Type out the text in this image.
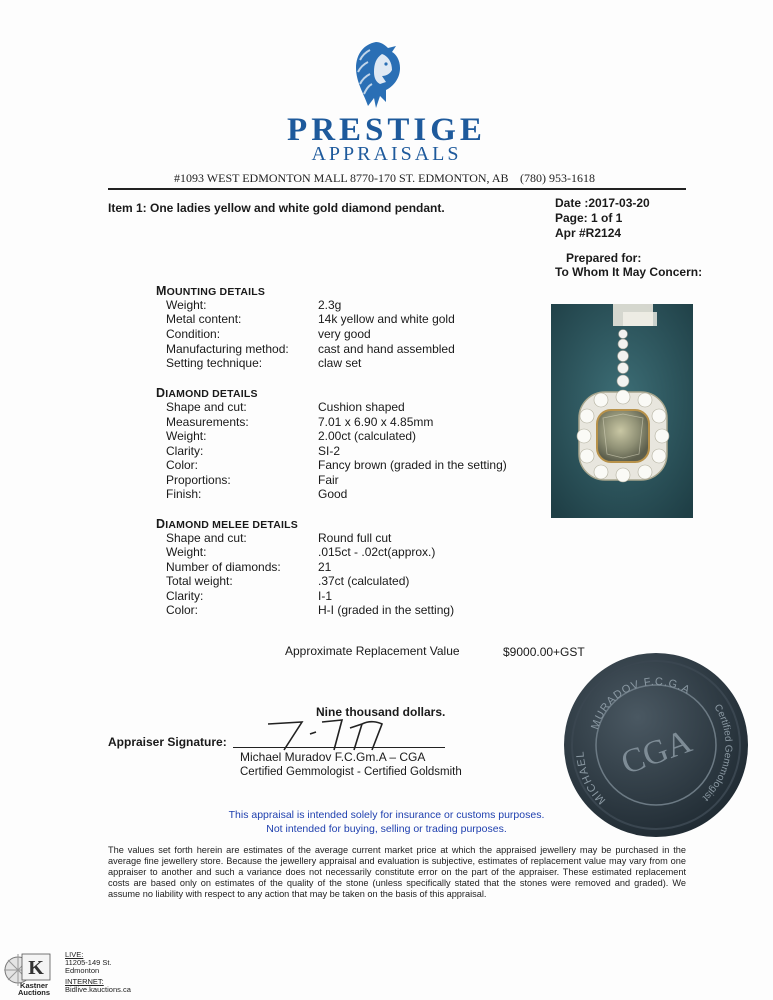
PRESTIGE
APPRAISALS
#1093 WEST EDMONTON MALL 8770-170 ST. EDMONTON, AB (780) 953-1618
Item 1: One ladies yellow and white gold diamond pendant.	Date :2017-03-20
Page: 1 of 1
Apr #R2124
Prepared for:
To Whom It May Concern:
MOUNTING DETAILS
Weight:	2.3g
Metal content:	14k yellow and white gold
Condition:	very good
Manufacturing method: cast and hand assembled
Setting technique:	claw set
DIAMOND DETAILS
Shape and cut:	Cushion shaped
Measurements:	7.01 x 6.90 x 4.85mm
Weight:	2.00ct (calculated)
Clarity:	SI-2
Color:	Fancy brown (graded in the setting)
Proportions:	Fair
Finish:	Good
DIAMOND MELEE DETAILS
Shape and cut:	Round full cut
Weight:	.015ct - .02ct(approx.)
Number of diamonds:	21
Total weight:	.37ct (calculated)
Clarity:	I-1
Color:	H-I (graded in the setting)
Approximate Replacement Value	$9000.00+GST
Nine thousand dollars.
Appraiser Signature:
Michael Muradov F.C.Gm.A – CGA
Certified Gemmologist - Certified Goldsmith
MURADOV F.C.G.A
MICHAEL
Certified Gemmologist
CGA
This appraisal is intended solely for insurance or customs purposes.
Not intended for buying, selling or trading purposes.
The values set forth herein are estimates of the average current market price at which the appraised jewellery may be purchased in the average fine jewellery store. Because the jewellery appraisal and evaluation is subjective, estimates of replacement value may vary from one appraiser to another and such a variance does not necessarily constitute error on the part of the appraiser. These estimated replacement costs are based only on estimates of the quality of the stone (unless specifically stated that the stones were removed and graded). We assume no liability with respect to any action that may be taken on the basis of this appraisal.
K
Kastner
Auctions
LIVE:
11205-149 St.
Edmonton
INTERNET:
Bidlive.kauctions.ca
